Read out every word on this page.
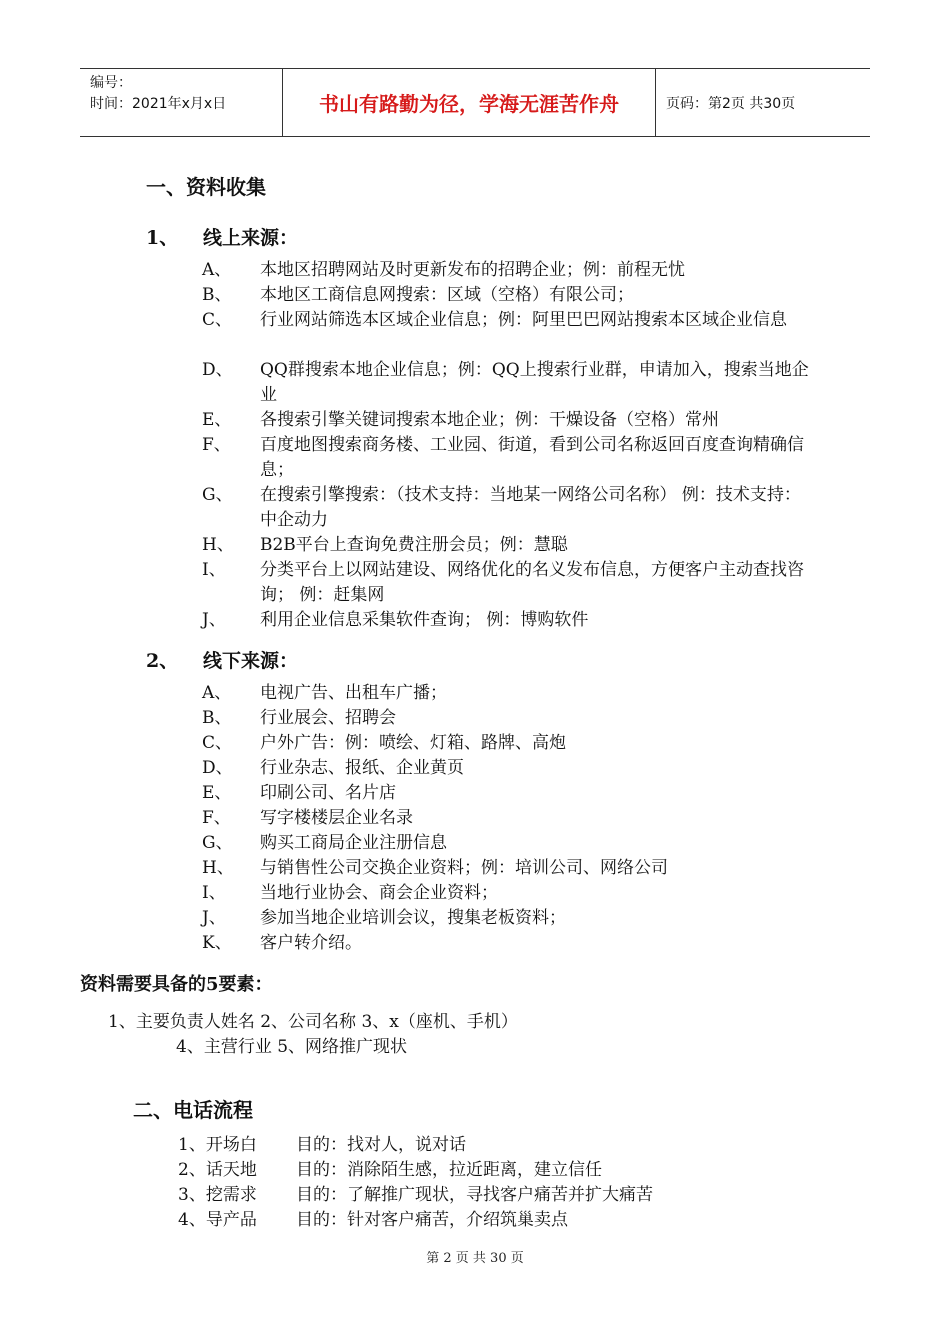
编号：
时间：2021年x月x日	书山有路勤为径，学海无涯苦作舟	页码：第2页 共30页
一、资料收集
1、 线上来源：
A、 本地区招聘网站及时更新发布的招聘企业；例：前程无忧
B、 本地区工商信息网搜索：区域（空格）有限公司；
C、 行业网站筛选本区域企业信息；例：阿里巴巴网站搜索本区域企业信息
D、 QQ群搜索本地企业信息；例：QQ上搜索行业群，申请加入，搜索当地企业
E、 各搜索引擎关键词搜索本地企业；例：干燥设备（空格）常州
F、 百度地图搜索商务楼、工业园、街道，看到公司名称返回百度查询精确信息；
G、 在搜索引擎搜索：（技术支持：当地某一网络公司名称） 例：技术支持：中企动力
H、 B2B平台上查询免费注册会员；例：慧聪
I、 分类平台上以网站建设、网络优化的名义发布信息，方便客户主动查找咨询； 例：赶集网
J、 利用企业信息采集软件查询； 例：博购软件
2、 线下来源：
A、 电视广告、出租车广播；
B、 行业展会、招聘会
C、 户外广告：例：喷绘、灯箱、路牌、高炮
D、 行业杂志、报纸、企业黄页
E、 印刷公司、名片店
F、 写字楼楼层企业名录
G、 购买工商局企业注册信息
H、 与销售性公司交换企业资料；例：培训公司、网络公司
I、 当地行业协会、商会企业资料；
J、 参加当地企业培训会议，搜集老板资料；
K、 客户转介绍。
资料需要具备的5要素：
1、主要负责人姓名 2、公司名称 3、x（座机、手机）
4、主营行业 5、网络推广现状
二、电话流程
1、开场白 目的：找对人，说对话
2、话天地 目的：消除陌生感，拉近距离，建立信任
3、挖需求 目的：了解推广现状，寻找客户痛苦并扩大痛苦
4、导产品 目的：针对客户痛苦，介绍筑巢卖点
第 2 页 共 30 页
